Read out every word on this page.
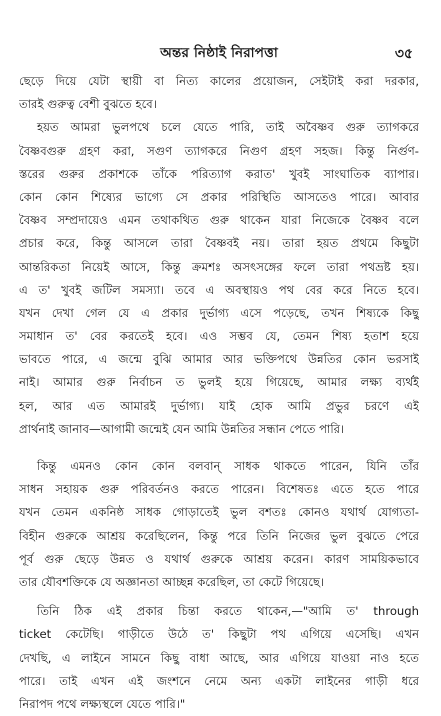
অন্তর নিষ্ঠাই নিরাপত্তা	৩৫
ছেড়ে দিয়ে যেটা স্থায়ী বা নিত্য কালের প্রয়োজন, সেইটাই করা দরকার,
তারই গুরুত্ব বেশী বুঝতে হবে।
হয়ত আমরা ভুলপথে চলে যেতে পারি, তাই অবৈষ্ণব গুরু ত্যাগকরে
বৈষ্ণবগুরু গ্রহণ করা, সগুণ ত্যাগকরে নিগুণ গ্রহণ সহজ। কিন্তু নির্গুণ-
স্তরের গুরুর প্রকাশকে তাঁকে পরিত্যাগ করাত' খুবই সাংঘাতিক ব্যাপার।
কোন কোন শিষ্যের ভাগ্যে সে প্রকার পরিস্থিতি আসতেও পারে। আবার
বৈষ্ণব সম্প্রদায়েও এমন তথাকথিত গুরু থাকেন যারা নিজেকে বৈষ্ণব বলে
প্রচার করে, কিন্তু আসলে তারা বৈষ্ণবই নয়। তারা হয়ত প্রথমে কিছুটা
আন্তরিকতা নিয়েই আসে, কিন্তু ক্রমশঃ অসৎসঙ্গের ফলে তারা পথভ্রষ্ট হয়।
এ ত' খুবই জটিল সমস্যা। তবে এ অবস্থায়ও পথ বের করে নিতে হবে।
যখন দেখা গেল যে এ প্রকার দুর্ভাগ্য এসে পড়েছে, তখন শিষ্যকে কিছু
সমাধান ত' বের করতেই হবে। এও সম্ভব যে, তেমন শিষ্য হতাশ হয়ে
ভাবতে পারে, এ জন্মে বুঝি আমার আর ভক্তিপথে উন্নতির কোন ভরসাই
নাই। আমার গুরু নির্বাচন ত ভুলই হয়ে গিয়েছে, আমার লক্ষ্য ব্যর্থই
হল, আর এত আমারই দুর্ভাগ্য। যাই হোক আমি প্রভুর চরণে এই
প্রার্থনাই জানাব—আগামী জন্মেই যেন আমি উন্নতির সন্ধান পেতে পারি।
কিন্তু এমনও কোন কোন বলবান্ সাধক থাকতে পারেন, যিনি তাঁর
সাধন সহায়ক গুরু পরিবর্তনও করতে পারেন। বিশেষতঃ এতে হতে পারে
যখন তেমন একনিষ্ঠ সাধক গোড়াতেই ভুল বশতঃ কোনও যথার্থ যোগ্যতা-
বিহীন গুরুকে আশ্রয় করেছিলেন, কিন্তু পরে তিনি নিজের ভুল বুঝতে পেরে
পূর্ব গুরু ছেড়ে উন্নত ও যথার্থ গুরুকে আশ্রয় করেন। কারণ সাময়িকভাবে
তার যৌবশক্তিকে যে অজ্ঞানতা আচ্ছন্ন করেছিল, তা কেটে গিয়েছে।
তিনি ঠিক এই প্রকার চিন্তা করতে থাকেন,—"আমি ত' through
ticket কেটেছি। গাড়ীতে উঠে ত' কিছুটা পথ এগিয়ে এসেছি। এখন
দেখছি, এ লাইনে সামনে কিছু বাধা আছে, আর এগিয়ে যাওয়া নাও হতে
পারে। তাই এখন এই জংশনে নেমে অন্য একটা লাইনের গাড়ী ধরে
নিরাপদ পথে লক্ষ্যস্থলে যেতে পারি।"
